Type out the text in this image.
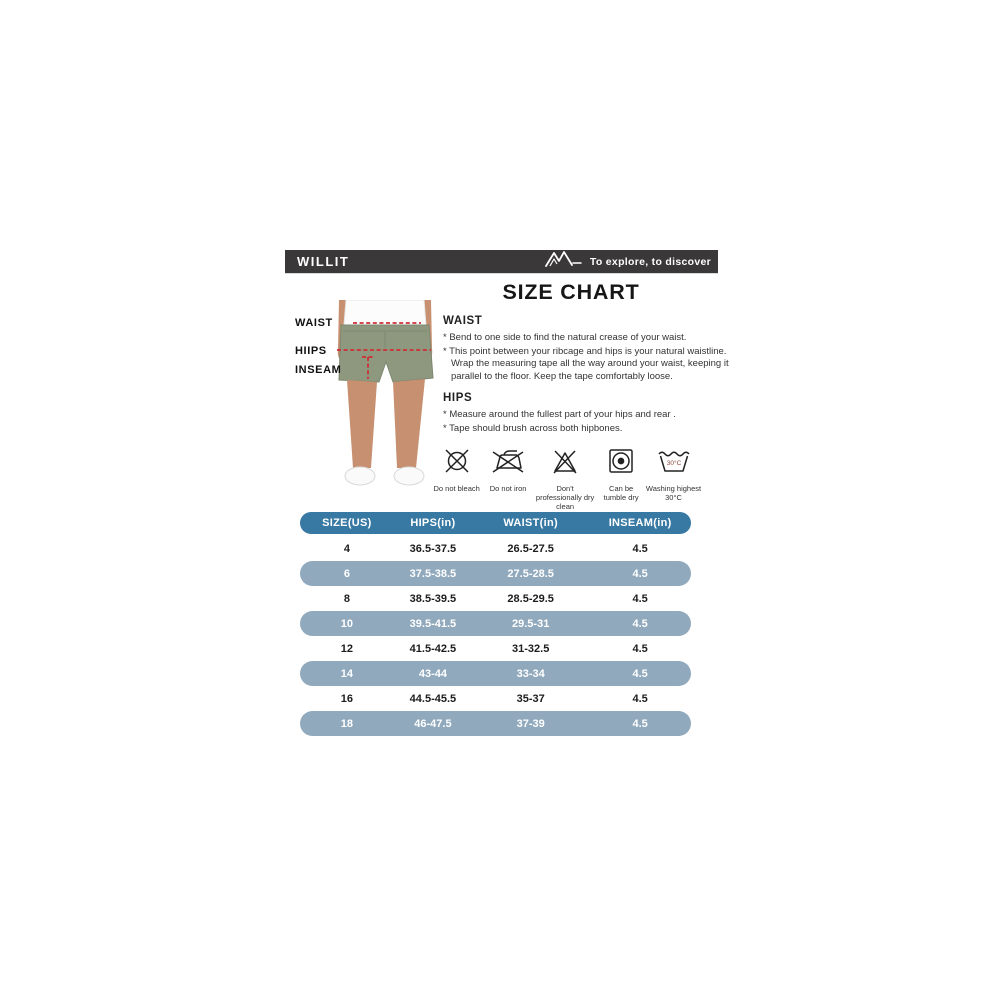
WILLIT	To explore, to discover
SIZE CHART
WAIST
HIIPS
INSEAM
WAIST

* Bend to one side to find the natural crease of your waist.

* This point between your ribcage and hips is your natural waistline. Wrap the measuring tape all the way around your waist, keeping it parallel to the floor. Keep the tape comfortably loose.

HIPS

* Measure around the fullest part of your hips and rear .

* Tape should brush across both hipbones.

Do not bleach Do not iron	Don't professionally dry clean
Can be tumble dry
30°C
Washing highest 30°C
SIZE(US)	HIPS(in)	WAIST(in)	INSEAM(in)
4	36.5-37.5	26.5-27.5	4.5
6	37.5-38.5	27.5-28.5	4.5
8	38.5-39.5	28.5-29.5	4.5
10	39.5-41.5	29.5-31	4.5
12	41.5-42.5	31-32.5	4.5
14	43-44	33-34	4.5
16	44.5-45.5	35-37	4.5
18	46-47.5	37-39	4.5
